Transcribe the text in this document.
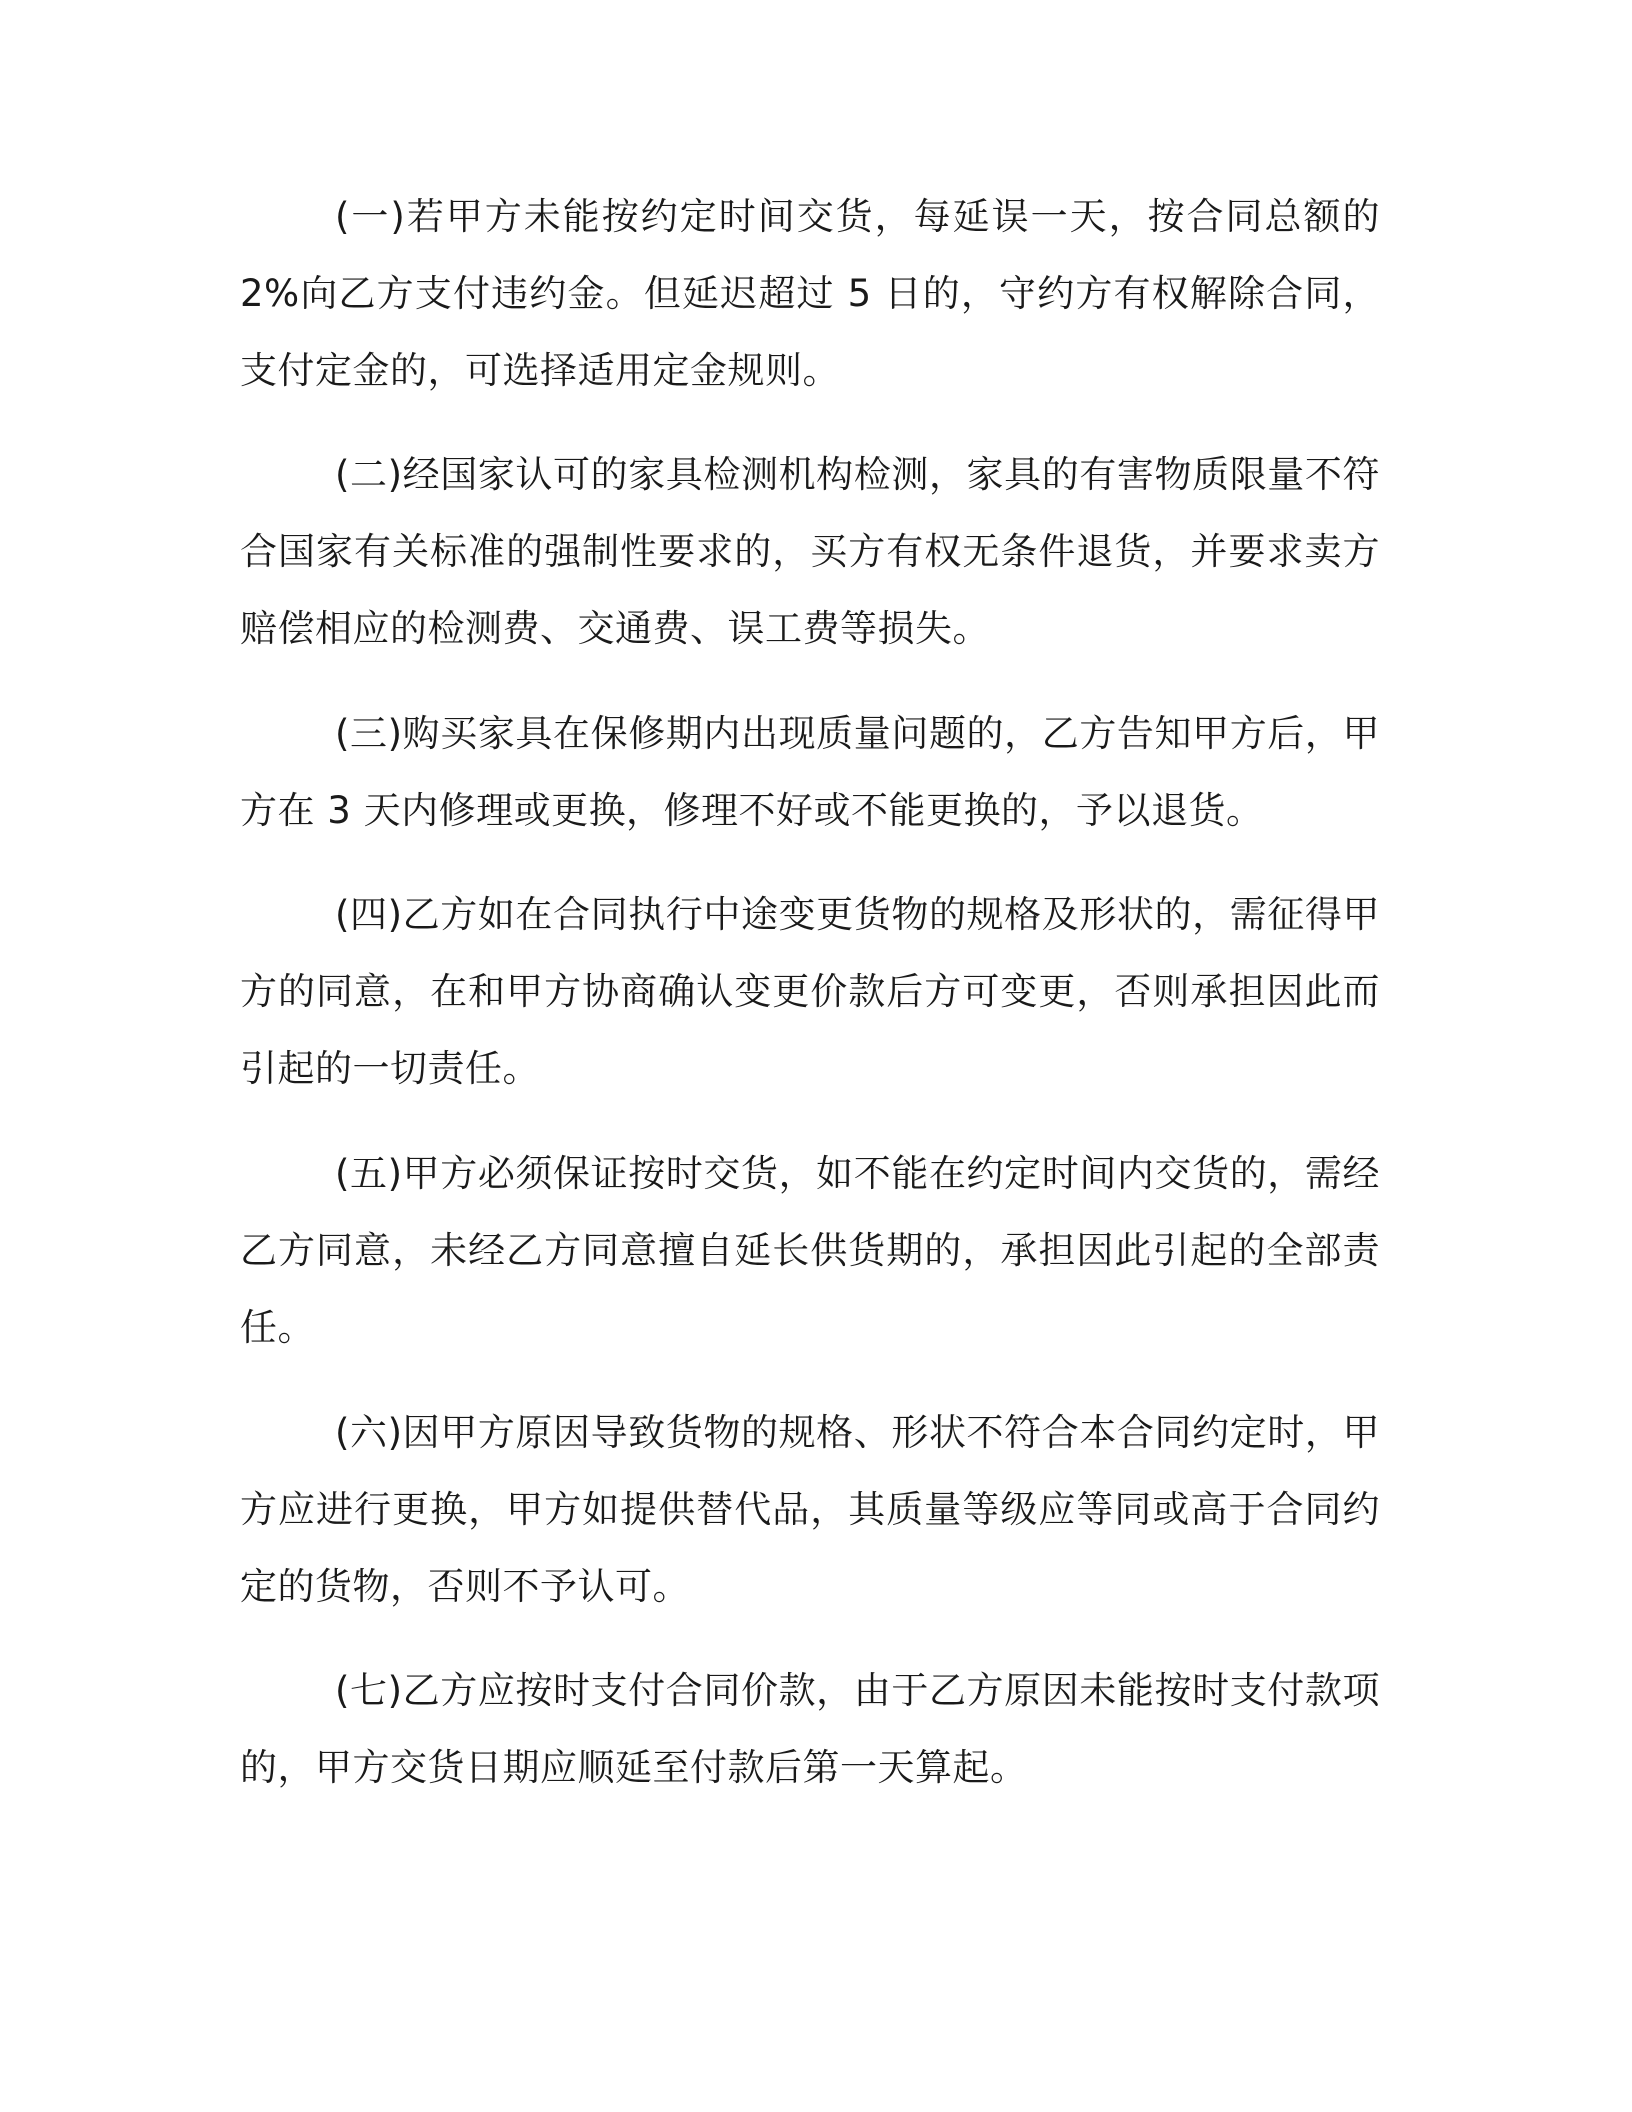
(一)若甲方未能按约定时间交货，每延误一天，按合同总额的2%向乙方支付违约金。但延迟超过 5 日的，守约方有权解除合同，支付定金的，可选择适用定金规则。

(二)经国家认可的家具检测机构检测，家具的有害物质限量不符合国家有关标准的强制性要求的，买方有权无条件退货，并要求卖方赔偿相应的检测费、交通费、误工费等损失。

(三)购买家具在保修期内出现质量问题的，乙方告知甲方后，甲方在 3 天内修理或更换，修理不好或不能更换的，予以退货。

(四)乙方如在合同执行中途变更货物的规格及形状的，需征得甲方的同意，在和甲方协商确认变更价款后方可变更，否则承担因此而引起的一切责任。

(五)甲方必须保证按时交货，如不能在约定时间内交货的，需经乙方同意，未经乙方同意擅自延长供货期的，承担因此引起的全部责任。

(六)因甲方原因导致货物的规格、形状不符合本合同约定时，甲方应进行更换，甲方如提供替代品，其质量等级应等同或高于合同约定的货物，否则不予认可。

(七)乙方应按时支付合同价款，由于乙方原因未能按时支付款项的，甲方交货日期应顺延至付款后第一天算起。
